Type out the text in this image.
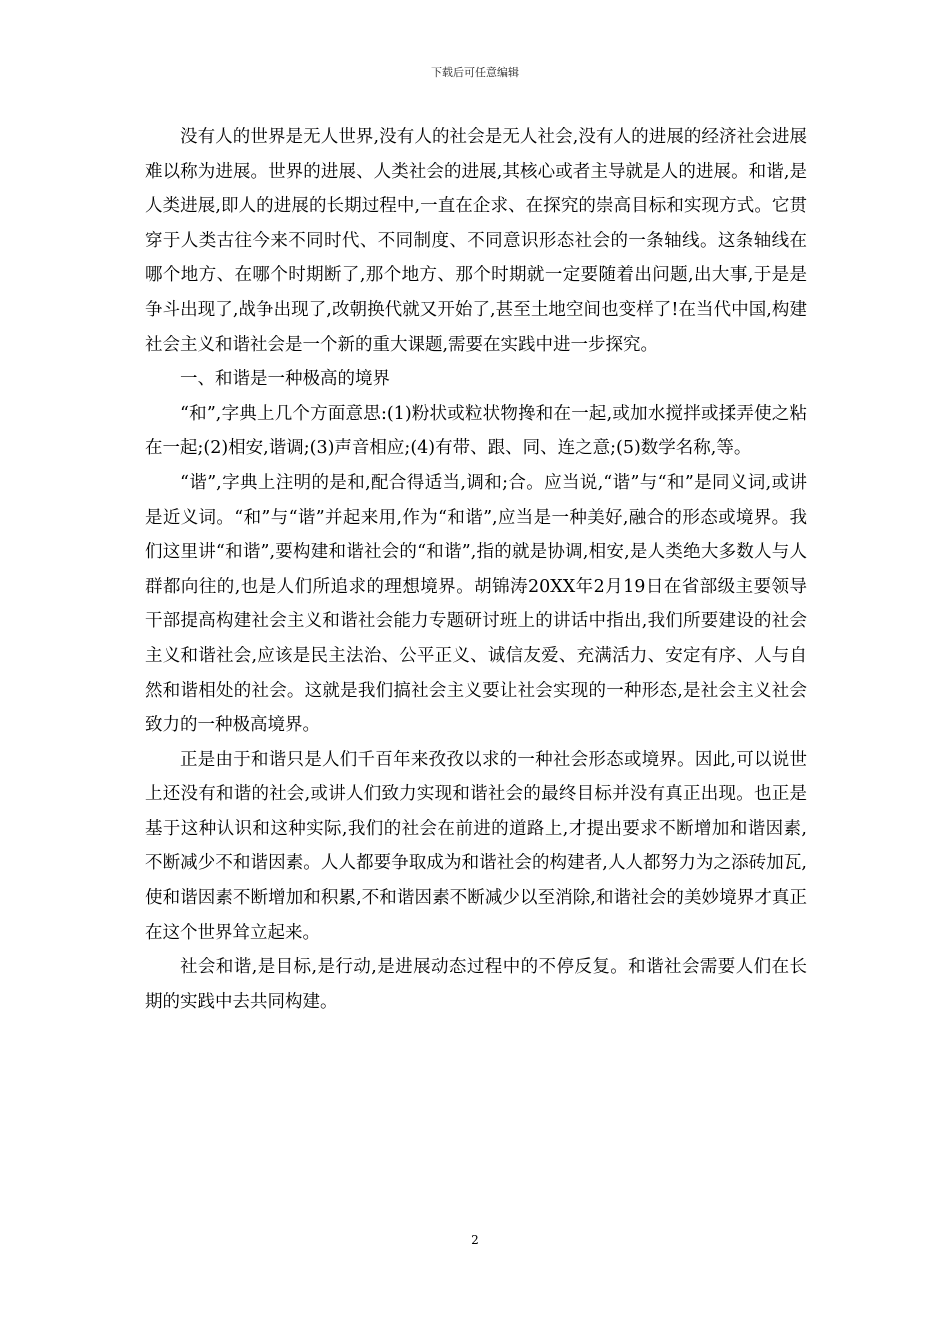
下载后可任意编辑

没有人的世界是无人世界,没有人的社会是无人社会,没有人的进展的经济社会进展难以称为进展。世界的进展、人类社会的进展,其核心或者主导就是人的进展。和谐,是人类进展,即人的进展的长期过程中,一直在企求、在探究的崇高目标和实现方式。它贯穿于人类古往今来不同时代、不同制度、不同意识形态社会的一条轴线。这条轴线在哪个地方、在哪个时期断了,那个地方、那个时期就一定要随着出问题,出大事,于是是争斗出现了,战争出现了,改朝换代就又开始了,甚至土地空间也变样了!在当代中国,构建社会主义和谐社会是一个新的重大课题,需要在实践中进一步探究。

一、和谐是一种极高的境界

“和”,字典上几个方面意思:(1)粉状或粒状物搀和在一起,或加水搅拌或揉弄使之粘在一起;(2)相安,谐调;(3)声音相应;(4)有带、跟、同、连之意;(5)数学名称,等。

“谐”,字典上注明的是和,配合得适当,调和;合。应当说,“谐”与“和”是同义词,或讲是近义词。“和”与“谐”并起来用,作为“和谐”,应当是一种美好,融合的形态或境界。我们这里讲“和谐”,要构建和谐社会的“和谐”,指的就是协调,相安,是人类绝大多数人与人群都向往的,也是人们所追求的理想境界。胡锦涛20XX年2月19日在省部级主要领导干部提高构建社会主义和谐社会能力专题研讨班上的讲话中指出,我们所要建设的社会主义和谐社会,应该是民主法治、公平正义、诚信友爱、充满活力、安定有序、人与自然和谐相处的社会。这就是我们搞社会主义要让社会实现的一种形态,是社会主义社会致力的一种极高境界。

正是由于和谐只是人们千百年来孜孜以求的一种社会形态或境界。因此,可以说世上还没有和谐的社会,或讲人们致力实现和谐社会的最终目标并没有真正出现。也正是基于这种认识和这种实际,我们的社会在前进的道路上,才提出要求不断增加和谐因素,不断减少不和谐因素。人人都要争取成为和谐社会的构建者,人人都努力为之添砖加瓦,使和谐因素不断增加和积累,不和谐因素不断减少以至消除,和谐社会的美妙境界才真正在这个世界耸立起来。

社会和谐,是目标,是行动,是进展动态过程中的不停反复。和谐社会需要人们在长期的实践中去共同构建。

2
